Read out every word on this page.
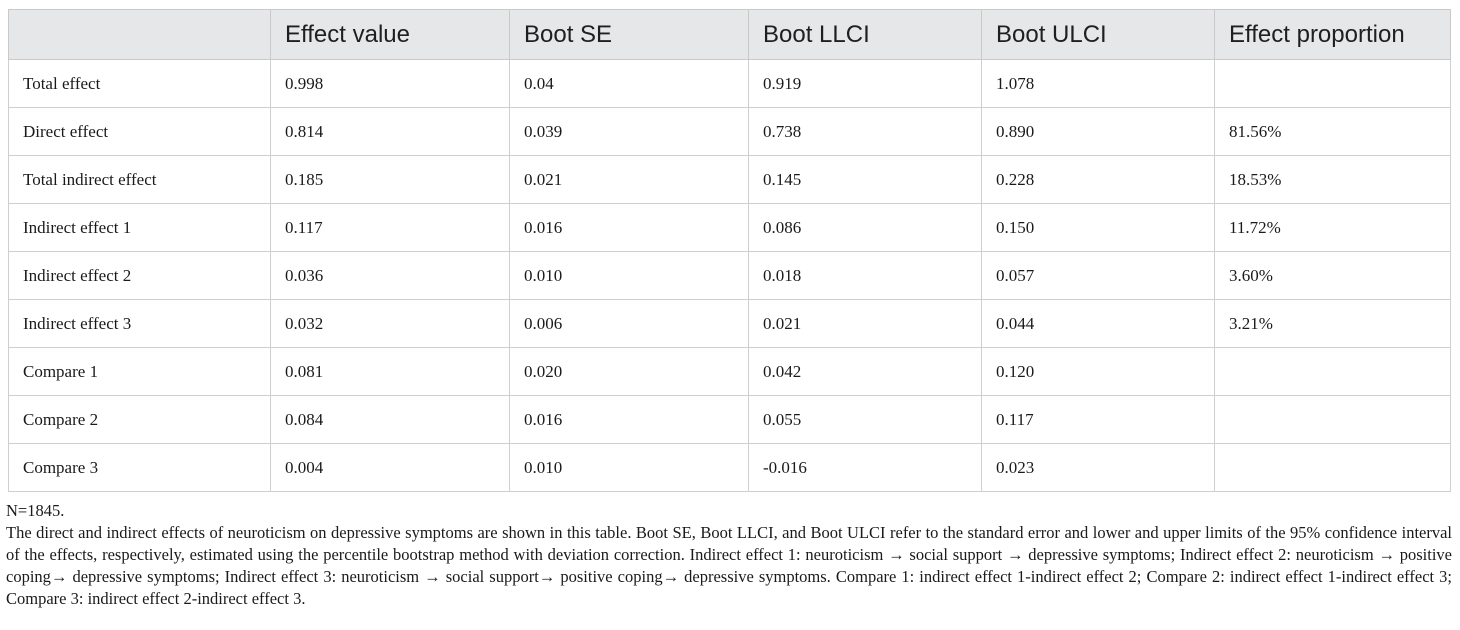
	Effect value	Boot SE	Boot LLCI	Boot ULCI	Effect proportion
Total effect	0.998	0.04	0.919	1.078	
Direct effect	0.814	0.039	0.738	0.890	81.56%
Total indirect effect	0.185	0.021	0.145	0.228	18.53%
Indirect effect 1	0.117	0.016	0.086	0.150	11.72%
Indirect effect 2	0.036	0.010	0.018	0.057	3.60%
Indirect effect 3	0.032	0.006	0.021	0.044	3.21%
Compare 1	0.081	0.020	0.042	0.120	
Compare 2	0.084	0.016	0.055	0.117	
Compare 3	0.004	0.010	-0.016	0.023	

N=1845.

The direct and indirect effects of neuroticism on depressive symptoms are shown in this table. Boot SE, Boot LLCI, and Boot ULCI refer to the standard error and lower and upper limits of the 95% confidence interval of the effects, respectively, estimated using the percentile bootstrap method with deviation correction. Indirect effect 1: neuroticism → social support → depressive symptoms; Indirect effect 2: neuroticism → positive coping→ depressive symptoms; Indirect effect 3: neuroticism → social support→ positive coping→ depressive symptoms. Compare 1: indirect effect 1-indirect effect 2; Compare 2: indirect effect 1-indirect effect 3; Compare 3: indirect effect 2-indirect effect 3.
